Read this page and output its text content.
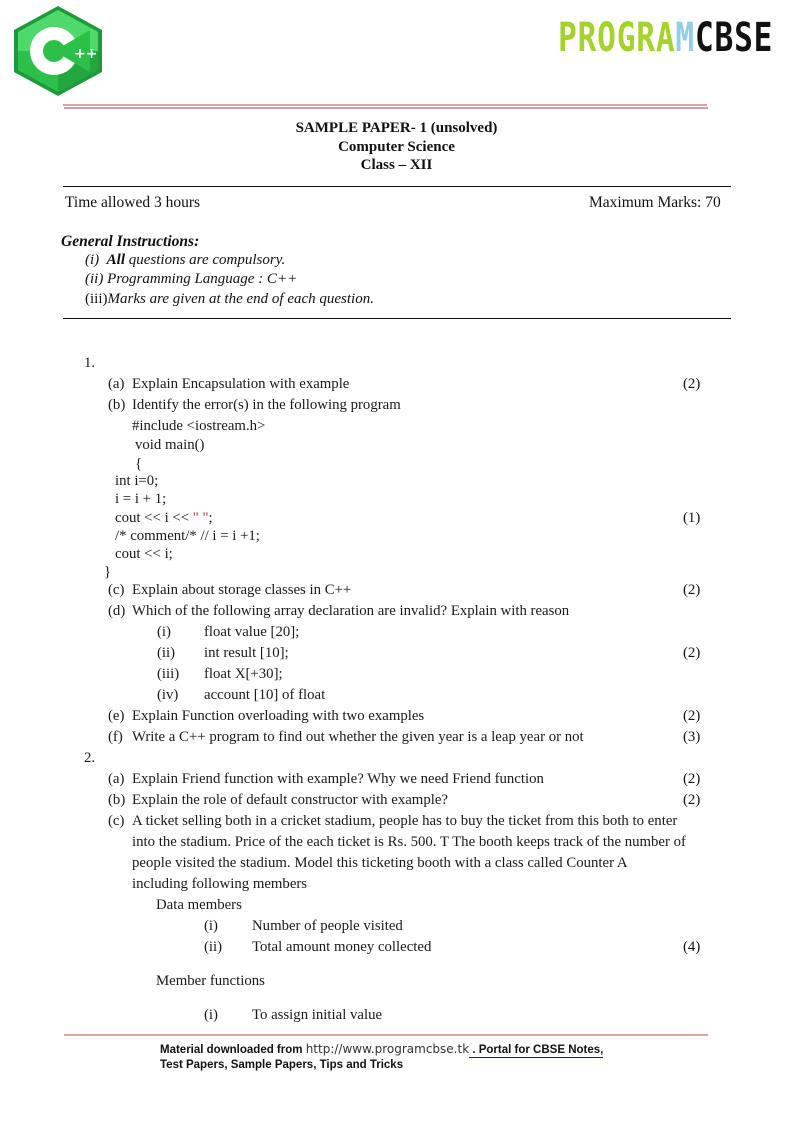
++	PROGRAMCBSE
SAMPLE PAPER- 1 (unsolved)
Computer Science
Class – XII
Time allowed 3 hours	Maximum Marks: 70
General Instructions:
(i) All questions are compulsory.
(ii) Programming Language : C++
(iii)Marks are given at the end of each question.
1.
(a) Explain Encapsulation with example	(2)
(b) Identify the error(s) in the following program
#include <iostream.h>
void main()
{
int i=0;
i = i + 1;
cout << i << " ";	(1)
/* comment/* // i = i +1;
cout << i;
}
(c) Explain about storage classes in C++	(2)
(d) Which of the following array declaration are invalid? Explain with reason
(i) float value [20];
(ii) int result [10];	(2)
(iii) float X[+30];
(iv) account [10] of float
(e) Explain Function overloading with two examples	(2)
(f) Write a C++ program to find out whether the given year is a leap year or not	(3)
2.
(a) Explain Friend function with example? Why we need Friend function	(2)
(b) Explain the role of default constructor with example?	(2)
(c) A ticket selling both in a cricket stadium, people has to buy the ticket from this both to enter
into the stadium. Price of the each ticket is Rs. 500. T The booth keeps track of the number of
people visited the stadium. Model this ticketing booth with a class called Counter A
including following members
Data members
(i) Number of people visited
(ii) Total amount money collected	(4)
Member functions
(i) To assign initial value
Material downloaded from http://www.programcbse.tk . Portal for CBSE Notes,
Test Papers, Sample Papers, Tips and Tricks
